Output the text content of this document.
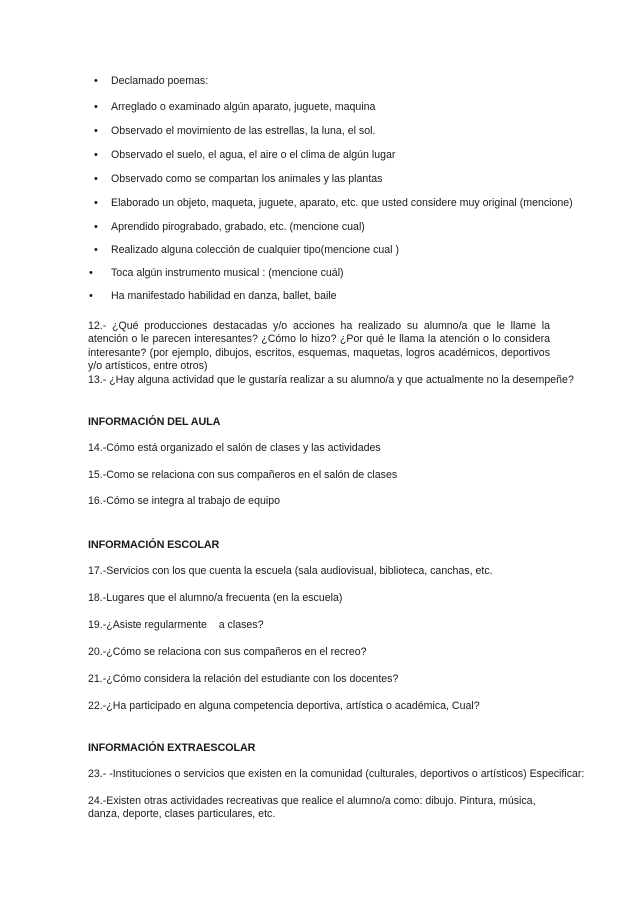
• Declamado poemas:
• Arreglado o examinado algún aparato, juguete, maquina
• Observado el movimiento de las estrellas, la luna, el sol.
• Observado el suelo, el agua, el aire o el clima de algún lugar
• Observado como se compartan los animales y las plantas
• Elaborado un objeto, maqueta, juguete, aparato, etc. que usted considere muy original (mencione)
• Aprendido pirograbado, grabado, etc. (mencione cual)
• Realizado alguna colección de cualquier tipo(mencione cual )
• Toca algún instrumento musical : (mencione cuál)
• Ha manifestado habilidad en danza, ballet, baile
12.- ¿Qué producciones destacadas y/o acciones ha realizado su alumno/a que le llame la atención o le parecen interesantes? ¿Cómo lo hizo? ¿Por qué le llama la atención o lo considera interesante? (por ejemplo, dibujos, escritos, esquemas, maquetas, logros académicos, deportivos y/o artísticos, entre otros)
13.- ¿Hay alguna actividad que le gustaría realizar a su alumno/a y que actualmente no la desempeñe?
INFORMACIÓN DEL AULA
14.-Cómo está organizado el salón de clases y las actividades
15.-Como se relaciona con sus compañeros en el salón de clases
16.-Cómo se integra al trabajo de equipo
INFORMACIÓN ESCOLAR
17.-Servicios con los que cuenta la escuela (sala audiovisual, biblioteca, canchas, etc.
18.-Lugares que el alumno/a frecuenta (en la escuela)
19.-¿Asiste regularmente    a clases?
20.-¿Cómo se relaciona con sus compañeros en el recreo?
21.-¿Cómo considera la relación del estudiante con los docentes?
22.-¿Ha participado en alguna competencia deportiva, artística o académica, Cual?
INFORMACIÓN EXTRAESCOLAR
23.- -Instituciones o servicios que existen en la comunidad (culturales, deportivos o artísticos) Especificar:
24.-Existen otras actividades recreativas que realice el alumno/a como: dibujo. Pintura, música, danza, deporte, clases particulares, etc.
